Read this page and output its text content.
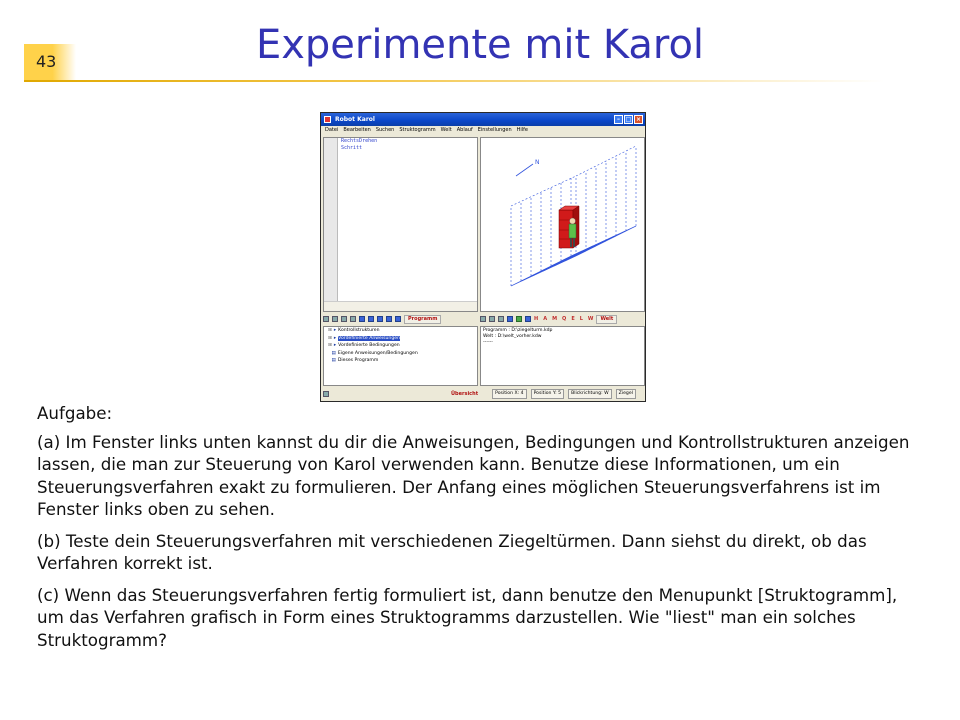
43	Experimente mit Karol
Robot Karol	– □ ×
Datei Bearbeiten Suchen Struktogramm Welt Ablauf Einstellungen Hilfe
RechtsDrehen
Schritt
N
Programm	H A M Q E L W	Welt
⊞ ▸ Kontrollstrukturen
⊞ ▸ Vordefinierte Anweisungen
⊞ ▸ Vordefinierte Bedingungen
▤ Eigene Anweisungen/Bedingungen
▤ Dieses Programm
Programm : D:\ziegelturm.kdp
Welt : D:\welt_vorher.kdw
------
Übersicht	Position X: 4	Position Y: 5	Blickrichtung: W	Ziegel

Aufgabe:

(a) Im Fenster links unten kannst du dir die Anweisungen, Bedingungen und Kontrollstrukturen anzeigen lassen, die man zur Steuerung von Karol verwenden kann. Benutze diese Informationen, um ein Steuerungsverfahren exakt zu formulieren. Der Anfang eines möglichen Steuerungsverfahrens ist im Fenster links oben zu sehen.

(b) Teste dein Steuerungsverfahren mit verschiedenen Ziegeltürmen. Dann siehst du direkt, ob das Verfahren korrekt ist.

(c) Wenn das Steuerungsverfahren fertig formuliert ist, dann benutze den Menupunkt [Struktogramm], um das Verfahren grafisch in Form eines Struktogramms darzustellen. Wie "liest" man ein solches Struktogramm?
